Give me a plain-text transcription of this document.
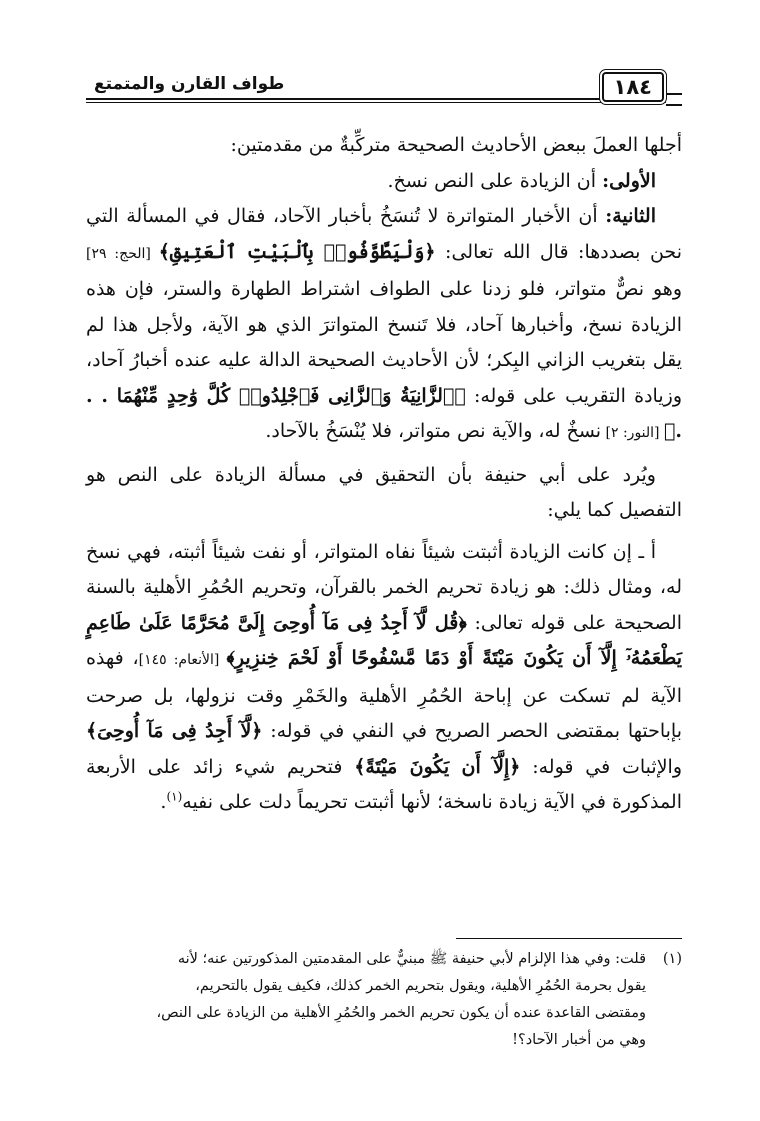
١٨٤
طواف القارن والمتمتع

أجلها العملَ ببعض الأحاديث الصحيحة متركِّبةٌ من مقدمتين:

الأولى: أن الزيادة على النص نسخ.

الثانية: أن الأخبار المتواترة لا تُنسَخُ بأخبار الآحاد، فقال في المسألة التي نحن بصددها: قال الله تعالى: ﴿وَلْيَطَّوَّفُوا۟ بِٱلْبَيْتِ ٱلْعَتِيقِ﴾ [الحج: ٢٩] وهو نصٌّ متواتر، فلو زدنا على الطواف اشتراط الطهارة والستر، فإن هذه الزيادة نسخ، وأخبارها آحاد، فلا تَنسخ المتواترَ الذي هو الآية، ولأجل هذا لم يقل بتغريب الزاني البِكر؛ لأن الأحاديث الصحيحة الدالة عليه عنده أخبارُ آحاد، وزيادة التقريب على قوله: ﴿ٱلزَّانِيَةُ وَٱلزَّانِى فَٱجْلِدُوا۟ كُلَّ وَٰحِدٍ مِّنْهُمَا . . .﴾ [النور: ٢] نسخٌ له، والآية نص متواتر، فلا يُنْسَخُ بالآحاد.

ويُرد على أبي حنيفة بأن التحقيق في مسألة الزيادة على النص هو التفصيل كما يلي:

أ ـ إن كانت الزيادة أثبتت شيئاً نفاه المتواتر، أو نفت شيئاً أثبته، فهي نسخ له، ومثال ذلك: هو زيادة تحريم الخمر بالقرآن، وتحريم الحُمُرِ الأهلية بالسنة الصحيحة على قوله تعالى: ﴿قُل لَّآ أَجِدُ فِى مَآ أُوحِىَ إِلَىَّ مُحَرَّمًا عَلَىٰ طَاعِمٍ يَطْعَمُهُۥٓ إِلَّآ أَن يَكُونَ مَيْتَةً أَوْ دَمًا مَّسْفُوحًا أَوْ لَحْمَ خِنزِيرٍ﴾ [الأنعام: ١٤٥]، فهذه الآية لم تسكت عن إباحة الحُمُرِ الأهلية والخَمْرِ وقت نزولها، بل صرحت بإباحتها بمقتضى الحصر الصريح في النفي في قوله: ﴿لَّآ أَجِدُ فِى مَآ أُوحِىَ﴾ والإثبات في قوله: ﴿إِلَّآ أَن يَكُونَ مَيْتَةً﴾ فتحريم شيء زائد على الأربعة المذكورة في الآية زيادة ناسخة؛ لأنها أثبتت تحريماً دلت على نفيه$^{(١)}$.

(١)قلت: وفي هذا الإلزام لأبي حنيفة ﷺ مبنيٌّ على المقدمتين المذكورتين عنه؛ لأنه
يقول بحرمة الحُمُرِ الأهلية، ويقول بتحريم الخمر كذلك، فكيف يقول بالتحريم،
ومقتضى القاعدة عنده أن يكون تحريم الخمر والحُمُرِ الأهلية من الزيادة على النص،
وهي من أخبار الآحاد؟!
